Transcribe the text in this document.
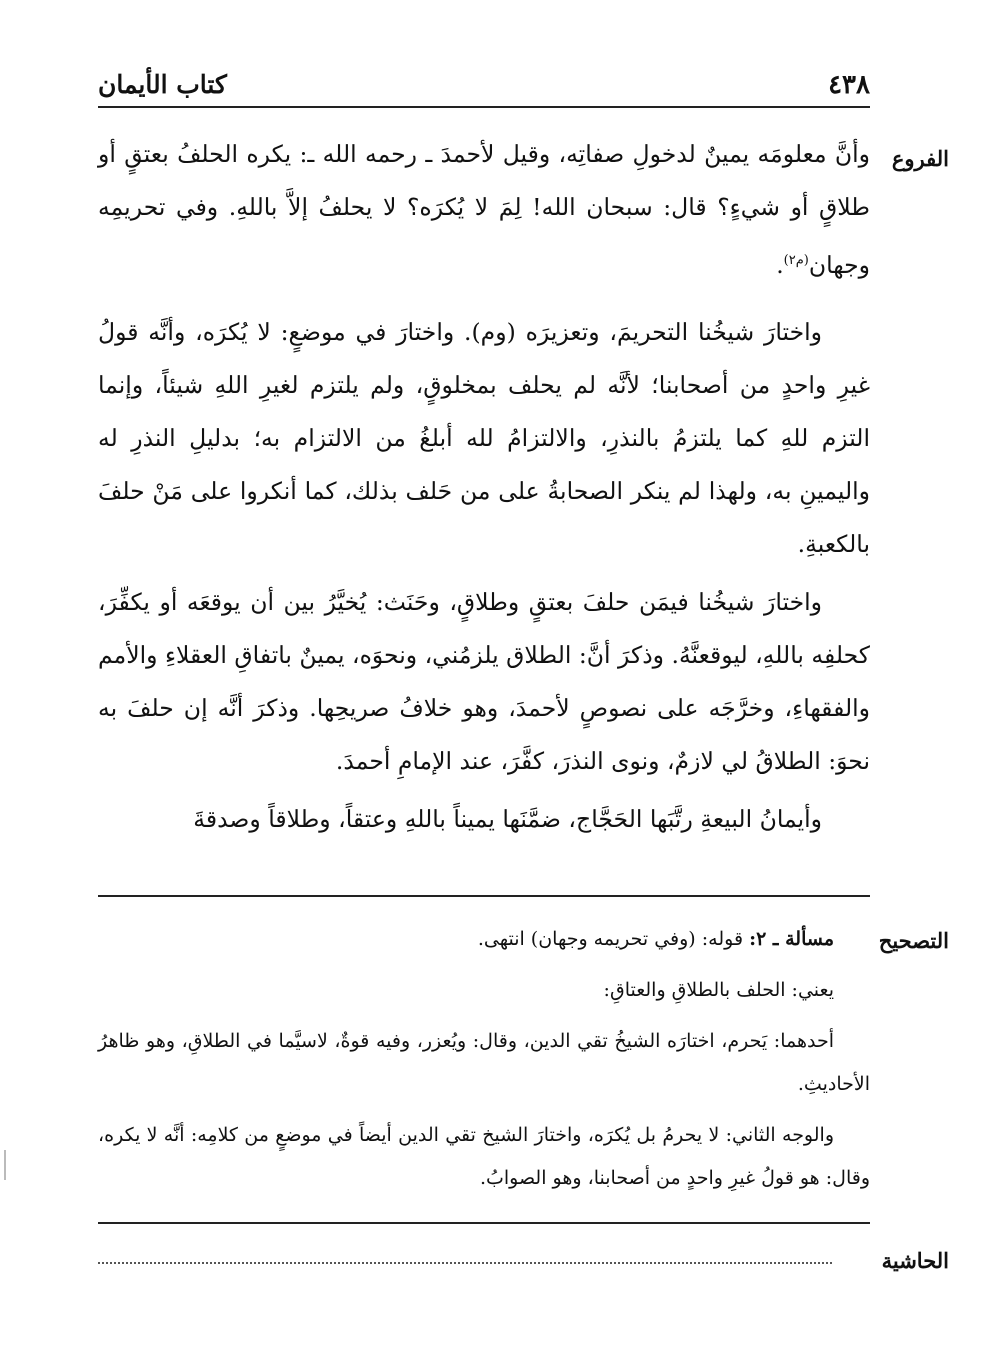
٤٣٨
كتاب الأيمان
الفروع

وأنَّ معلومَه يمينٌ لدخولِ صفاتِه، وقيل لأحمدَ ـ رحمه الله ـ: يكره الحلفُ بعتقٍ أو طلاقٍ أو شيءٍ؟ قال: سبحان الله! لِمَ لا يُكرَه؟ لا يحلفُ إلاَّ باللهِ. وفي تحريمِه وجهان$^{(م٢)}$.

واختارَ شيخُنا التحريمَ، وتعزيرَه (وم). واختارَ في موضعٍ: لا يُكرَه، وأنَّه قولُ غيرِ واحدٍ من أصحابنا؛ لأنَّه لم يحلف بمخلوقٍ، ولم يلتزم لغيرِ اللهِ شيئاً، وإنما التزم للهِ كما يلتزمُ بالنذرِ، والالتزامُ لله أبلغُ من الالتزام به؛ بدليلِ النذرِ له واليمينِ به، ولهذا لم ينكر الصحابةُ على من حَلف بذلك، كما أنكروا على مَنْ حلفَ بالكعبةِ.

واختارَ شيخُنا فيمَن حلفَ بعتقٍ وطلاقٍ، وحَنَث: يُخيَّرُ بين أن يوقعَه أو يكفِّرَ، كحلفِه باللهِ، ليوقعنَّهُ. وذكرَ أنَّ: الطلاق يلزمُني، ونحوَه، يمينٌ باتفاقِ العقلاءِ والأمم والفقهاءِ، وخرَّجَه على نصوصٍ لأحمدَ، وهو خلافُ صريحِها. وذكرَ أنَّه إن حلفَ به نحوَ: الطلاقُ لي لازمٌ، ونوى النذرَ، كفَّرَ، عند الإمامِ أحمدَ.

وأيمانُ البيعةِ رتَّبَها الحَجَّاج، ضمَّنَها يميناً باللهِ وعتقاً، وطلاقاً وصدقةَ

التصحيح

مسألة ـ ٢: قوله: (وفي تحريمه وجهان) انتهى.

يعني: الحلف بالطلاقِ والعتاقِ:

أحدهما: يَحرم، اختارَه الشيخُ تقي الدين، وقال: ويُعزر، وفيه قوةٌ، لاسيَّما في الطلاقِ، وهو ظاهرُ الأحاديثِ.

والوجه الثاني: لا يحرمُ بل يُكرَه، واختارَ الشيخ تقي الدين أيضاً في موضعٍ من كلامِه: أنَّه لا يكره، وقال: هو قولُ غيرِ واحدٍ من أصحابنا، وهو الصوابُ.

الحاشية
